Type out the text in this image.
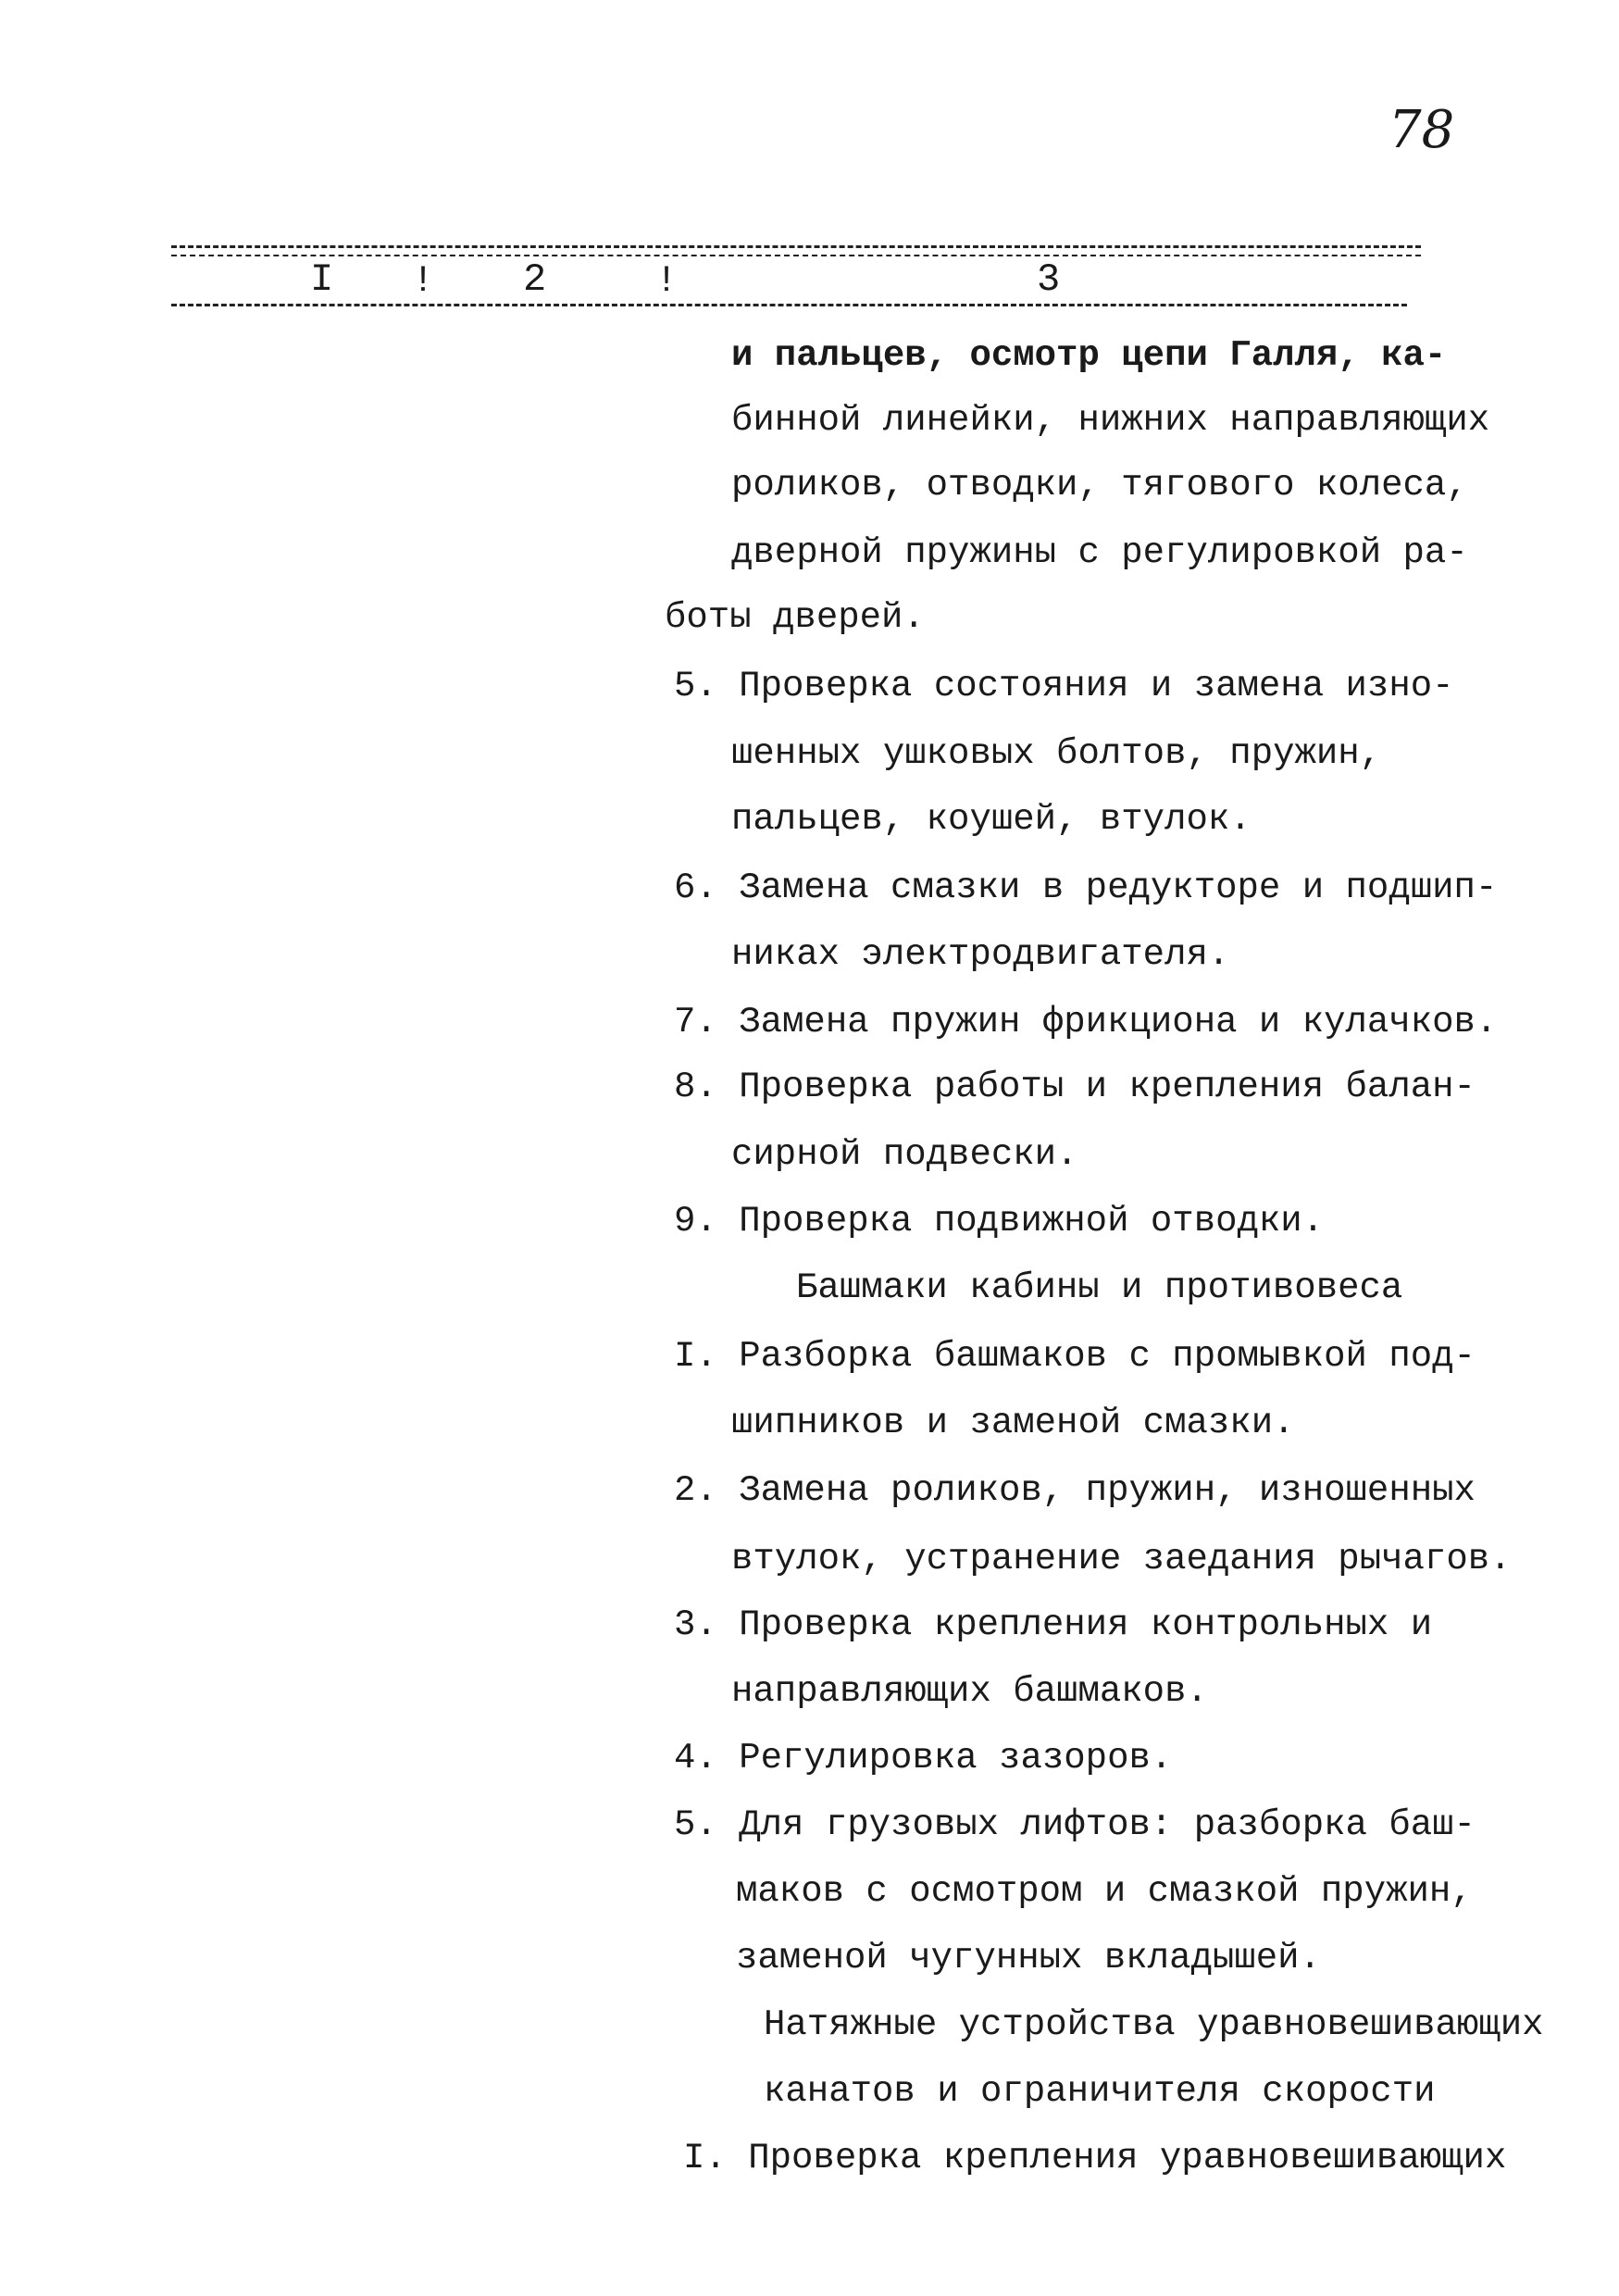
78
I ! 2	!	3
и пальцев, осмотр цепи Галля, ка-
бинной линейки, нижних направляющих
роликов, отводки, тягового колеса,
дверной пружины с регулировкой ра-
боты дверей.
5. Проверка состояния и замена изно-
шенных ушковых болтов, пружин,
пальцев, коушей, втулок.
6. Замена смазки в редукторе и подшип-
никах электродвигателя.
7. Замена пружин фрикциона и кулачков.
8. Проверка работы и крепления балан-
сирной подвески.
9. Проверка подвижной отводки.
Башмаки кабины и противовеса
I. Разборка башмаков с промывкой под-
шипников и заменой смазки.
2. Замена роликов, пружин, изношенных
втулок, устранение заедания рычагов.
3. Проверка крепления контрольных и
направляющих башмаков.
4. Регулировка зазоров.
5. Для грузовых лифтов: разборка баш-
маков с осмотром и смазкой пружин,
заменой чугунных вкладышей.
Натяжные устройства уравновешивающих
канатов и ограничителя скорости
I. Проверка крепления уравновешивающих
